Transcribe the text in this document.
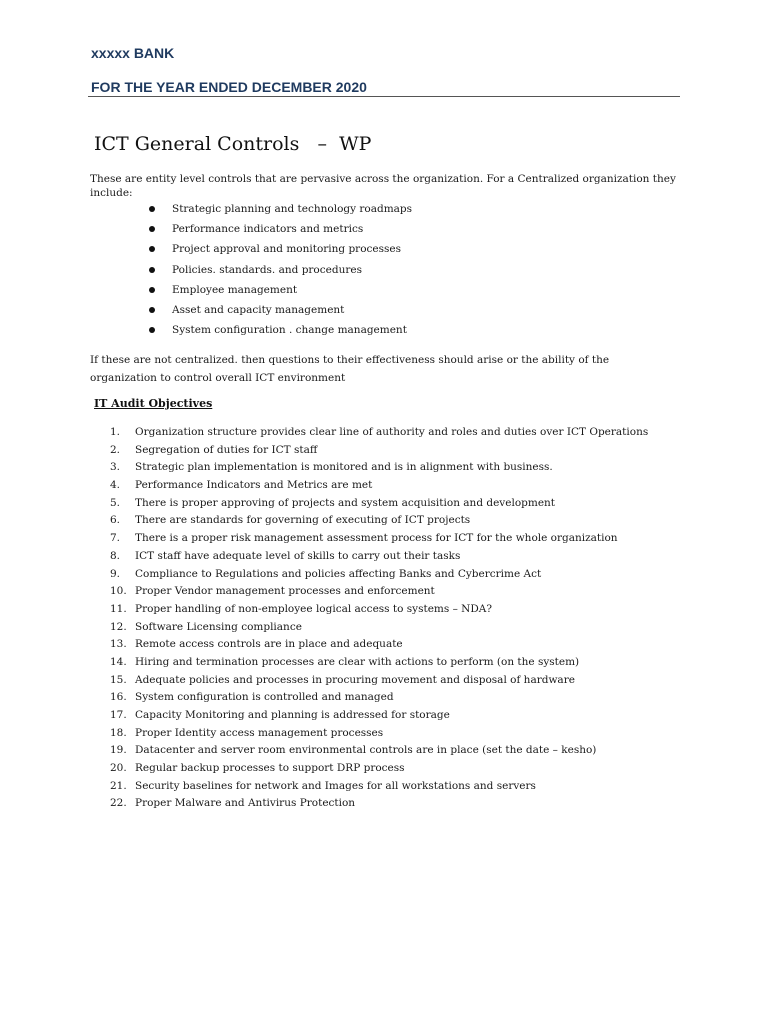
xxxxx BANK
FOR THE YEAR ENDED DECEMBER 2020
ICT General Controls   –  WP
These are entity level controls that are pervasive across the organization. For a Centralized organization they include:
Strategic planning and technology roadmaps
Performance indicators and metrics
Project approval and monitoring processes
Policies. standards. and procedures
Employee management
Asset and capacity management
System configuration . change management
If these are not centralized. then questions to their effectiveness should arise or the ability of the organization to control overall ICT environment
IT Audit Objectives
1.	Organization structure provides clear line of authority and roles and duties over ICT Operations
2.	Segregation of duties for ICT staff
3.	Strategic plan implementation is monitored and is in alignment with business.
4.	Performance Indicators and Metrics are met
5.	There is proper approving of projects and system acquisition and development
6.	There are standards for governing of executing of ICT projects
7.	There is a proper risk management assessment process for ICT for the whole organization
8.	ICT staff have adequate level of skills to carry out their tasks
9.	Compliance to Regulations and policies affecting Banks and Cybercrime Act
10. Proper Vendor management processes and enforcement
11. Proper handling of non-employee logical access to systems – NDA?
12. Software Licensing compliance
13. Remote access controls are in place and adequate
14. Hiring and termination processes are clear with actions to perform (on the system)
15. Adequate policies and processes in procuring movement and disposal of hardware
16. System configuration is controlled and managed
17. Capacity Monitoring and planning is addressed for storage
18. Proper Identity access management processes
19. Datacenter and server room environmental controls are in place (set the date – kesho)
20. Regular backup processes to support DRP process
21. Security baselines for network and Images for all workstations and servers
22. Proper Malware and Antivirus Protection
